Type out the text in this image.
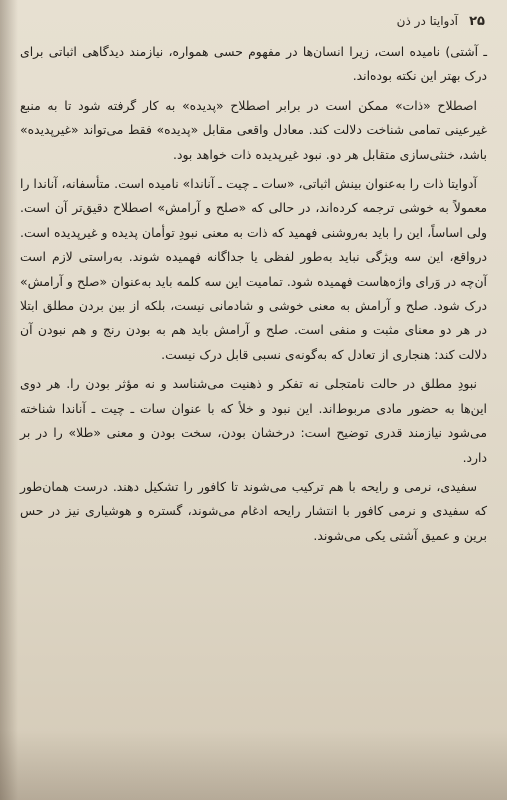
۲۵ آدوایتا در ذن

ـ آشتی) نامیده است، زیرا انسان‌ها در مفهوم حسی همواره، نیازمند دیدگاهی اثباتی برای درک بهتر این نکته بوده‌اند.

اصطلاح «ذات» ممکن است در برابر اصطلاح «پدیده» به کار گرفته شود تا به منبع غیرعینی تمامی شناخت دلالت کند. معادل واقعی مقابل «پدیده» فقط می‌تواند «غیرپدیده» باشد، خنثی‌سازی متقابل هر دو. نبود غیرپدیده ذات خواهد بود.

آدوایتا ذات را به‌عنوان بینش اثباتی، «سات ـ چیت ـ آناندا» نامیده است. متأسفانه، آناندا را معمولاً به خوشی ترجمه کرده‌اند، در حالی که «صلح و آرامش» اصطلاح دقیق‌تر آن است. ولی اساساً، این را باید به‌روشنی فهمید که ذات به معنی نبودِ توأمان پدیده و غیرپدیده است. درواقع، این سه ویژگی نباید به‌طور لفظی یا جداگانه فهمیده شوند. به‌راستی لازم است آن‌چه در وَرای واژه‌هاست فهمیده شود. تمامیت این سه کلمه باید به‌عنوان «صلح و آرامش» درک شود. صلح و آرامش به معنی خوشی و شادمانی نیست، بلکه از بین بردن مطلق ابتلا در هر دو معنای مثبت و منفی است. صلح و آرامش باید هم به بودن رنج و هم نبودن آن دلالت کند: هنجاری از تعادل که به‌گونه‌ی نسبی قابل درک نیست.

نبودِ مطلق در حالت نامتجلی نه تفکر و ذهنیت می‌شناسد و نه مؤثر بودن را. هر دوی این‌ها به حضور مادی مربوط‌اند. این نبود و خلأ که با عنوان سات ـ چیت ـ آناندا شناخته می‌شود نیازمند قدری توضیح است: درخشان بودن، سخت بودن و معنی «طلا» را در بر دارد.

سفیدی، نرمی و رایحه با هم ترکیب می‌شوند تا کافور را تشکیل دهند. درست همان‌طور که سفیدی و نرمی کافور با انتشار رایحه ادغام می‌شوند، گستره و هوشیاری نیز در حس برین و عمیق آشتی یکی می‌شوند.
